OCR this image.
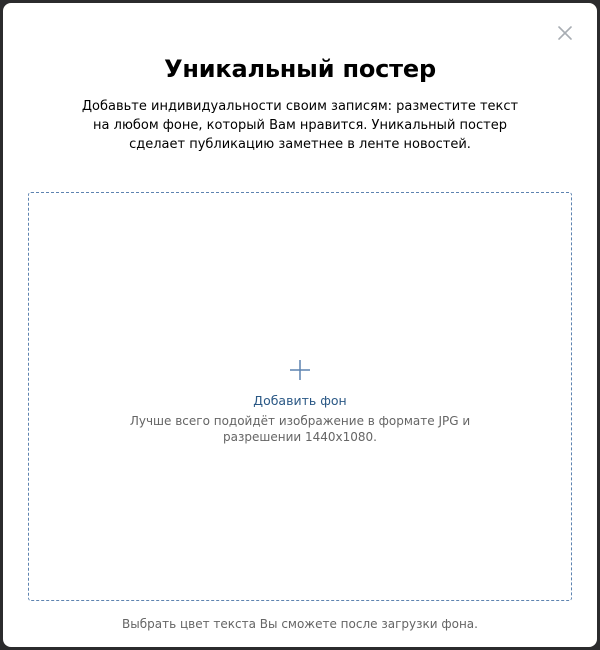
Уникальный постер
Добавьте индивидуальности своим записям: разместите текст на любом фоне, который Вам нравится. Уникальный постер сделает публикацию заметнее в ленте новостей.
Добавить фон
Лучше всего подойдёт изображение в формате JPG и разрешении 1440x1080.
Выбрать цвет текста Вы сможете после загрузки фона.
